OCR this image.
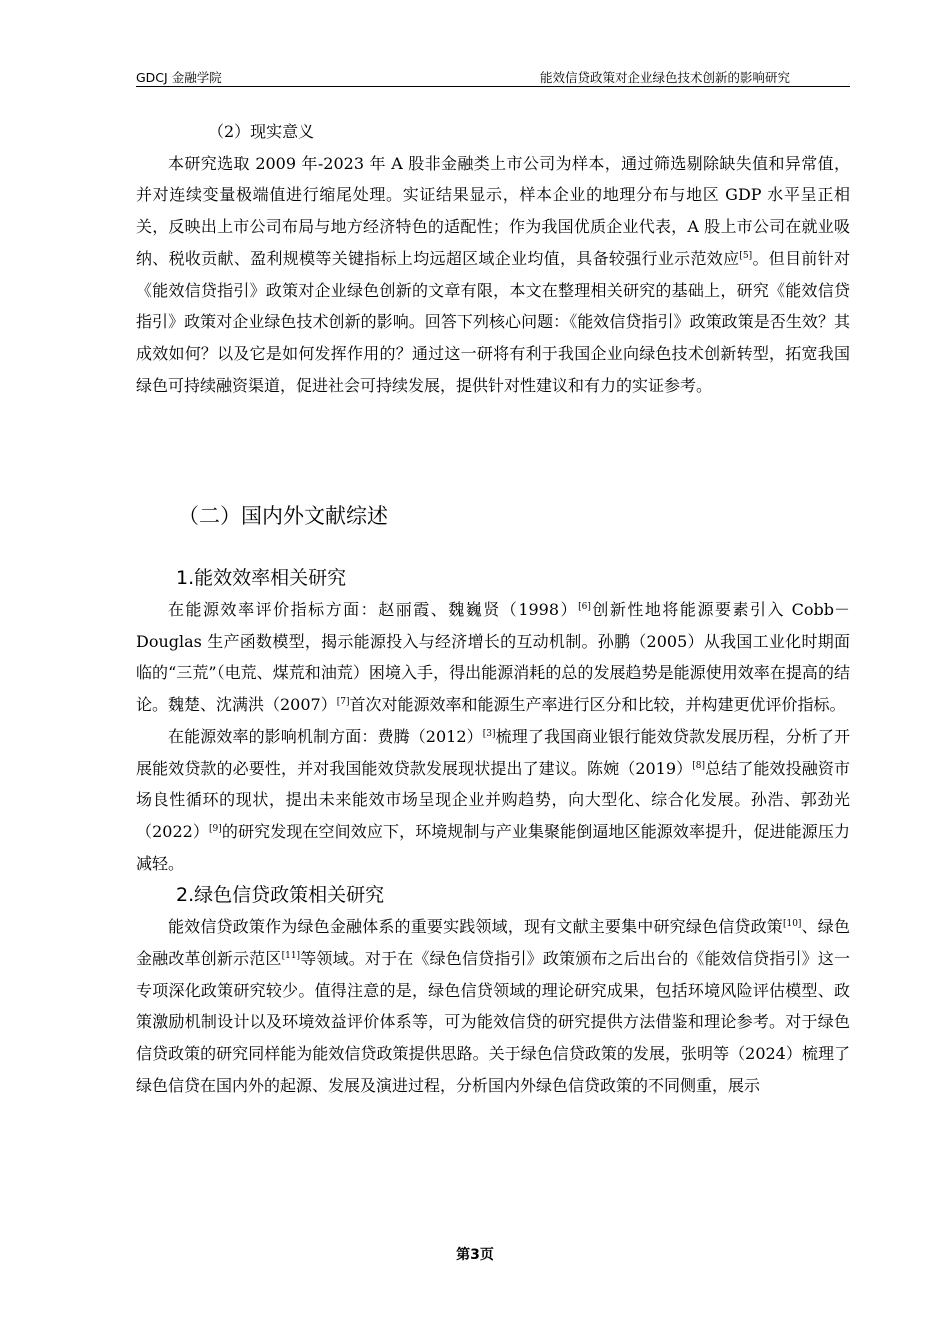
GDCJ 金融学院	能效信贷政策对企业绿色技术创新的影响研究

（2）现实意义

本研究选取 2009 年-2023 年 A 股非金融类上市公司为样本，通过筛选剔除缺失值和异常值，并对连续变量极端值进行缩尾处理。实证结果显示，样本企业的地理分布与地区 GDP 水平呈正相关，反映出上市公司布局与地方经济特色的适配性；作为我国优质企业代表，A 股上市公司在就业吸纳、税收贡献、盈利规模等关键指标上均远超区域企业均值，具备较强行业示范效应[5]。但目前针对《能效信贷指引》政策对企业绿色创新的文章有限，本文在整理相关研究的基础上，研究《能效信贷指引》政策对企业绿色技术创新的影响。回答下列核心问题：《能效信贷指引》政策政策是否生效？其成效如何？以及它是如何发挥作用的？通过这一研将有利于我国企业向绿色技术创新转型，拓宽我国绿色可持续融资渠道，促进社会可持续发展，提供针对性建议和有力的实证参考。

（二）国内外文献综述
1.能效效率相关研究

在能源效率评价指标方面：赵丽霞、魏巍贤（1998）[6]创新性地将能源要素引入 Cobb－Douglas 生产函数模型，揭示能源投入与经济增长的互动机制。孙鹏（2005）从我国工业化时期面临的“三荒”（电荒、煤荒和油荒）困境入手，得出能源消耗的总的发展趋势是能源使用效率在提高的结论。魏楚、沈满洪（2007）[7]首次对能源效率和能源生产率进行区分和比较，并构建更优评价指标。

在能源效率的影响机制方面：费腾（2012）[3]梳理了我国商业银行能效贷款发展历程，分析了开展能效贷款的必要性，并对我国能效贷款发展现状提出了建议。陈婉（2019）[8]总结了能效投融资市场良性循环的现状，提出未来能效市场呈现企业并购趋势，向大型化、综合化发展。孙浩、郭劲光（2022）[9]的研究发现在空间效应下，环境规制与产业集聚能倒逼地区能源效率提升，促进能源压力减轻。

2.绿色信贷政策相关研究

能效信贷政策作为绿色金融体系的重要实践领域，现有文献主要集中研究绿色信贷政策[10]、绿色金融改革创新示范区[11]等领域。对于在《绿色信贷指引》政策颁布之后出台的《能效信贷指引》这一专项深化政策研究较少。值得注意的是，绿色信贷领域的理论研究成果，包括环境风险评估模型、政策激励机制设计以及环境效益评价体系等，可为能效信贷的研究提供方法借鉴和理论参考。对于绿色信贷政策的研究同样能为能效信贷政策提供思路。关于绿色信贷政策的发展，张明等（2024）梳理了绿色信贷在国内外的起源、发展及演进过程，分析国内外绿色信贷政策的不同侧重，展示

第3页
